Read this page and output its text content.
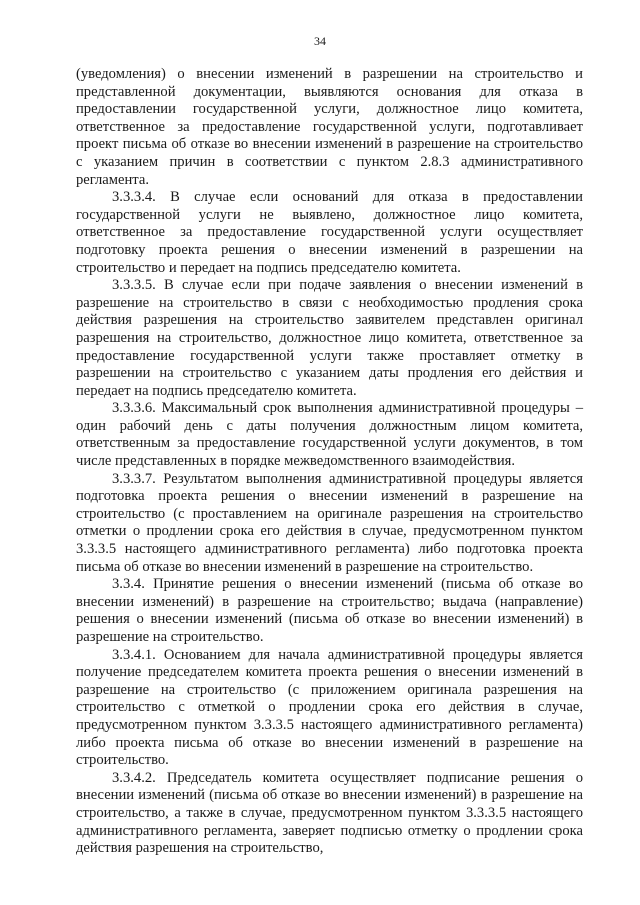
34

(уведомления) о внесении изменений в разрешении на строительство и представленной документации, выявляются основания для отказа в предоставлении государственной услуги, должностное лицо комитета, ответственное за предоставление государственной услуги, подготавливает проект письма об отказе во внесении изменений в разрешение на строительство с указанием причин в соответствии с пунктом 2.8.3 административного регламента.

3.3.3.4. В случае если оснований для отказа в предоставлении государственной услуги не выявлено, должностное лицо комитета, ответственное за предоставление государственной услуги осуществляет подготовку проекта решения о внесении изменений в разрешении на строительство и передает на подпись председателю комитета.

3.3.3.5. В случае если при подаче заявления о внесении изменений в разрешение на строительство в связи с необходимостью продления срока действия разрешения на строительство заявителем представлен оригинал разрешения на строительство, должностное лицо комитета, ответственное за предоставление государственной услуги также проставляет отметку в разрешении на строительство с указанием даты продления его действия и передает на подпись председателю комитета.

3.3.3.6. Максимальный срок выполнения административной процедуры – один рабочий день с даты получения должностным лицом комитета, ответственным за предоставление государственной услуги документов, в том числе представленных в порядке межведомственного взаимодействия.

3.3.3.7. Результатом выполнения административной процедуры является подготовка проекта решения о внесении изменений в разрешение на строительство (с проставлением на оригинале разрешения на строительство отметки о продлении срока его действия в случае, предусмотренном пунктом 3.3.3.5 настоящего административного регламента) либо подготовка проекта письма об отказе во внесении изменений в разрешение на строительство.

3.3.4. Принятие решения о внесении изменений (письма об отказе во внесении изменений) в разрешение на строительство; выдача (направление) решения о внесении изменений (письма об отказе во внесении изменений) в разрешение на строительство.

3.3.4.1. Основанием для начала административной процедуры является получение председателем комитета проекта решения о внесении изменений в разрешение на строительство (с приложением оригинала разрешения на строительство с отметкой о продлении срока его действия в случае, предусмотренном пунктом 3.3.3.5 настоящего административного регламента) либо проекта письма об отказе во внесении изменений в разрешение на строительство.

3.3.4.2. Председатель комитета осуществляет подписание решения о внесении изменений (письма об отказе во внесении изменений) в разрешение на строительство, а также в случае, предусмотренном пунктом 3.3.3.5 настоящего административного регламента, заверяет подписью отметку о продлении срока действия разрешения на строительство,
